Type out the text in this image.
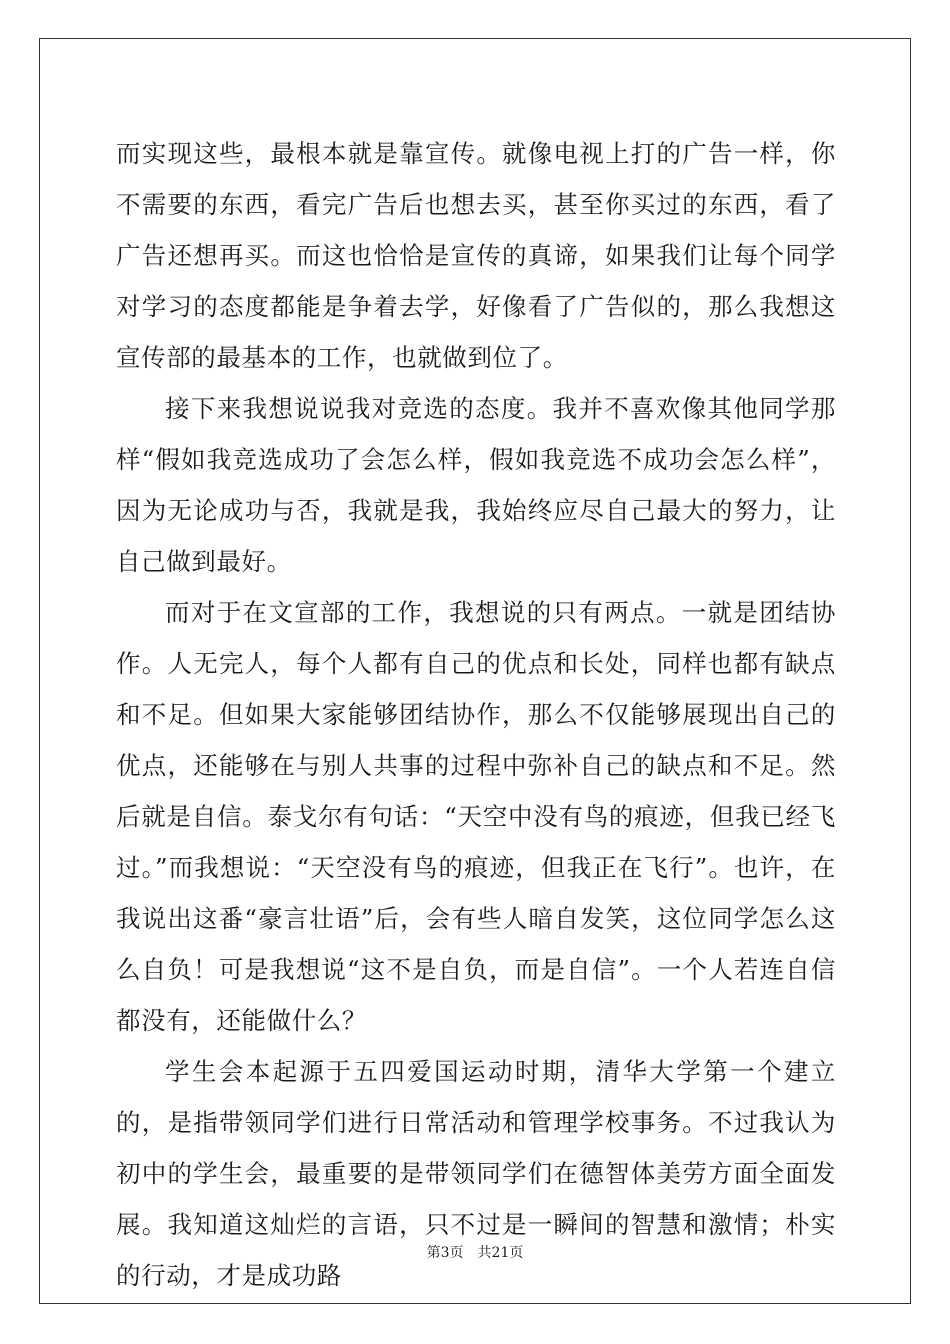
而实现这些，最根本就是靠宣传。就像电视上打的广告一样，你不需要的东西，看完广告后也想去买，甚至你买过的东西，看了广告还想再买。而这也恰恰是宣传的真谛，如果我们让每个同学对学习的态度都能是争着去学，好像看了广告似的，那么我想这宣传部的最基本的工作，也就做到位了。

接下来我想说说我对竞选的态度。我并不喜欢像其他同学那样“假如我竞选成功了会怎么样，假如我竞选不成功会怎么样”，因为无论成功与否，我就是我，我始终应尽自己最大的努力，让自己做到最好。

而对于在文宣部的工作，我想说的只有两点。一就是团结协作。人无完人，每个人都有自己的优点和长处，同样也都有缺点和不足。但如果大家能够团结协作，那么不仅能够展现出自己的优点，还能够在与别人共事的过程中弥补自己的缺点和不足。然后就是自信。泰戈尔有句话：“天空中没有鸟的痕迹，但我已经飞过。”而我想说：“天空没有鸟的痕迹，但我正在飞行”。也许，在我说出这番“豪言壮语”后，会有些人暗自发笑，这位同学怎么这么自负！可是我想说“这不是自负，而是自信”。一个人若连自信都没有，还能做什么？

学生会本起源于五四爱国运动时期，清华大学第一个建立的，是指带领同学们进行日常活动和管理学校事务。不过我认为初中的学生会，最重要的是带领同学们在德智体美劳方面全面发展。我知道这灿烂的言语，只不过是一瞬间的智慧和激情；朴实的行动，才是成功路

第3页 共21页
